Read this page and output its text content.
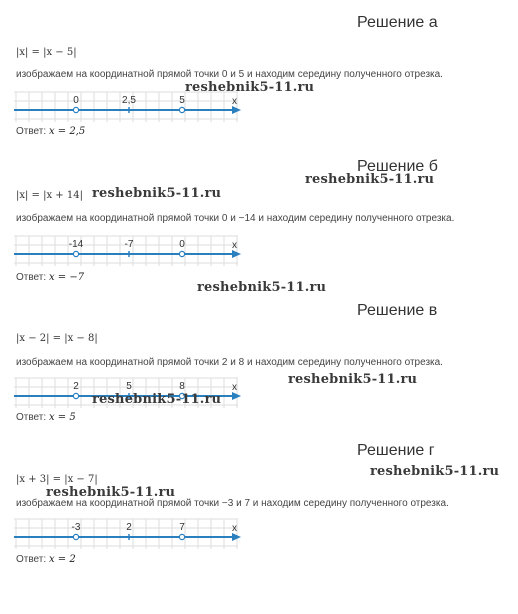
Решение а
|x| = |x − 5|
изображаем на координатной прямой точки 0 и 5 и находим середину полученного отрезка.
x
0	2,5	5
Ответ: x = 2,5
Решение б
|x| = |x + 14|
изображаем на координатной прямой точки 0 и −14 и находим середину полученного отрезка.
x
-14	-7	0
Ответ: x = −7
Решение в
|x − 2| = |x − 8|
изображаем на координатной прямой точки 2 и 8 и находим середину полученного отрезка.
x
2	5	8
Ответ: x = 5
Решение г
|x + 3| = |x − 7|
изображаем на координатной прямой точки −3 и 7 и находим середину полученного отрезка.
x
-3	2	7
Ответ: x = 2
reshebnik5-11.ru
reshebnik5-11.ru
reshebnik5-11.ru
reshebnik5-11.ru
reshebnik5-11.ru
reshebnik5-11.ru
reshebnik5-11.ru
reshebnik5-11.ru
